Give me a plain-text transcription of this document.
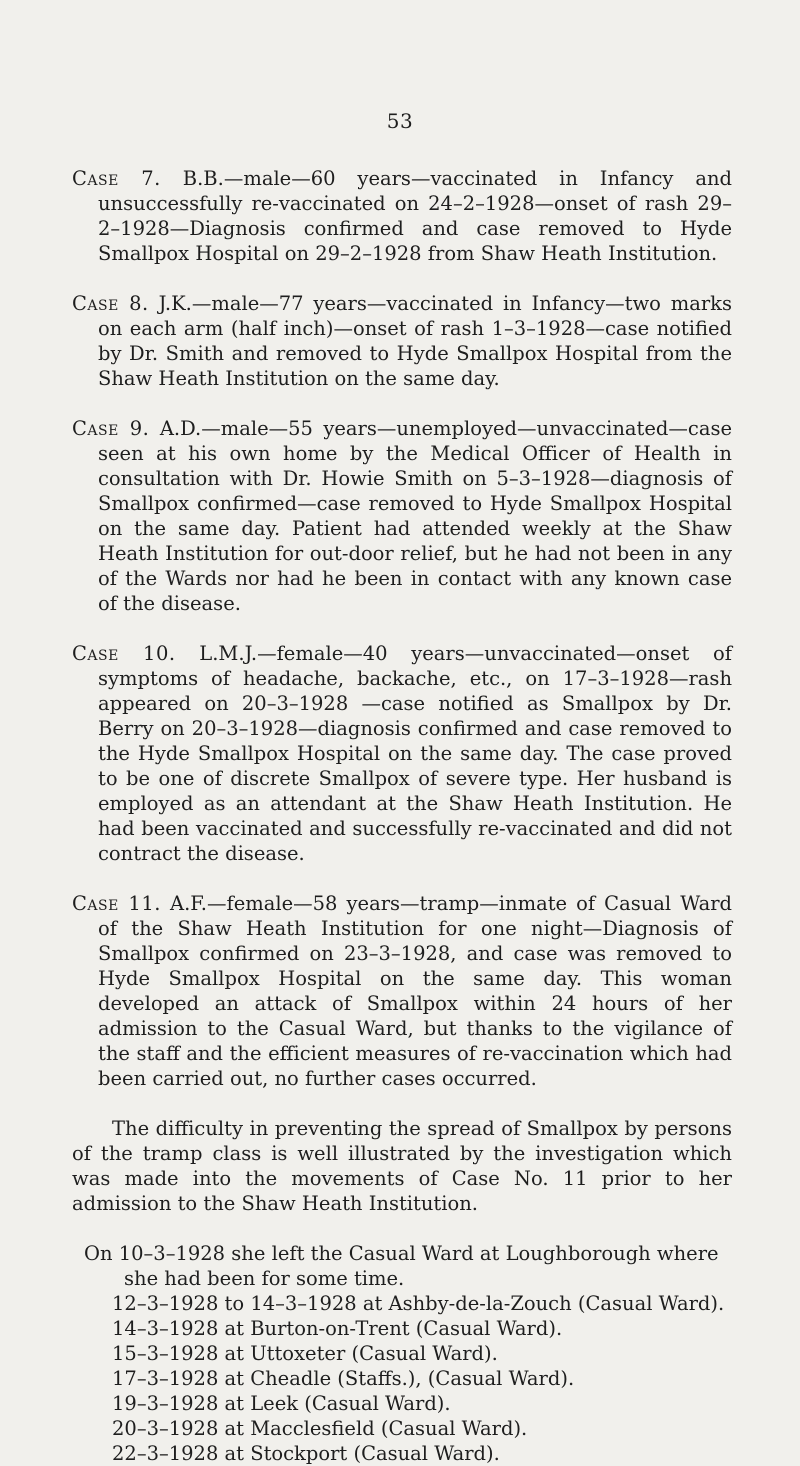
53

Case 7. B.B.—male—60 years—vaccinated in Infancy and unsuccessfully re-vaccinated on 24–2–1928—onset of rash 29–2–1928—Diagnosis confirmed and case removed to Hyde Smallpox Hospital on 29–2–1928 from Shaw Heath Institution.

Case 8. J.K.—male—77 years—vaccinated in Infancy—two marks on each arm (half inch)—onset of rash 1–3–1928—case notified by Dr. Smith and removed to Hyde Smallpox Hospital from the Shaw Heath Institution on the same day.

Case 9. A.D.—male—55 years—unemployed—unvaccinated—case seen at his own home by the Medical Officer of Health in consultation with Dr. Howie Smith on 5–3–1928—diagnosis of Smallpox confirmed—case removed to Hyde Smallpox Hospital on the same day. Patient had attended weekly at the Shaw Heath Institution for out-door relief, but he had not been in any of the Wards nor had he been in contact with any known case of the disease.

Case 10. L.M.J.—female—40 years—unvaccinated—onset of symptoms of headache, backache, etc., on 17–3–1928—rash appeared on 20–3–1928 —case notified as Smallpox by Dr. Berry on 20–3–1928—diagnosis confirmed and case removed to the Hyde Smallpox Hospital on the same day. The case proved to be one of discrete Smallpox of severe type. Her husband is employed as an attendant at the Shaw Heath Institution. He had been vaccinated and successfully re-vaccinated and did not contract the disease.

Case 11. A.F.—female—58 years—tramp—inmate of Casual Ward of the Shaw Heath Institution for one night—Diagnosis of Smallpox confirmed on 23–3–1928, and case was removed to Hyde Smallpox Hospital on the same day. This woman developed an attack of Smallpox within 24 hours of her admission to the Casual Ward, but thanks to the vigilance of the staff and the efficient measures of re-vaccination which had been carried out, no further cases occurred.

The difficulty in preventing the spread of Smallpox by persons of the tramp class is well illustrated by the investigation which was made into the movements of Case No. 11 prior to her admission to the Shaw Heath Institution.

On 10–3–1928 she left the Casual Ward at Loughborough where she had been for some time.

12–3–1928 to 14–3–1928 at Ashby-de-la-Zouch (Casual Ward).
14–3–1928 at Burton-on-Trent (Casual Ward).
15–3–1928 at Uttoxeter (Casual Ward).
17–3–1928 at Cheadle (Staffs.), (Casual Ward).
19–3–1928 at Leek (Casual Ward).
20–3–1928 at Macclesfield (Casual Ward).
22–3–1928 at Stockport (Casual Ward).
